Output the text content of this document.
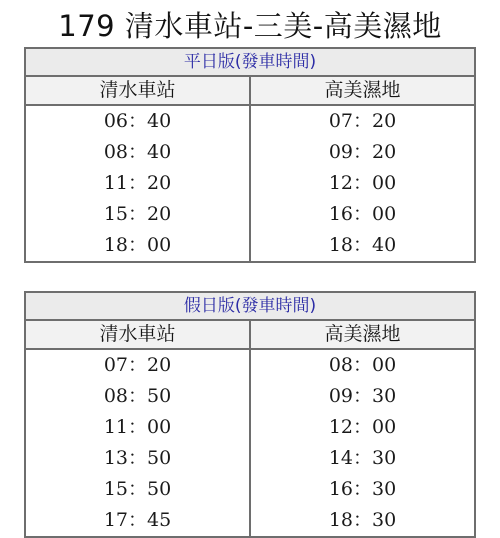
179 清水車站-三美-高美濕地
平日版(發車時間)	
清水車站	高美濕地
06：40	07：20
08：40	09：20
11：20	12：00
15：20	16：00
18：00	18：40
假日版(發車時間)	
清水車站	高美濕地
07：20	08：00
08：50	09：30
11：00	12：00
13：50	14：30
15：50	16：30
17：45	18：30
